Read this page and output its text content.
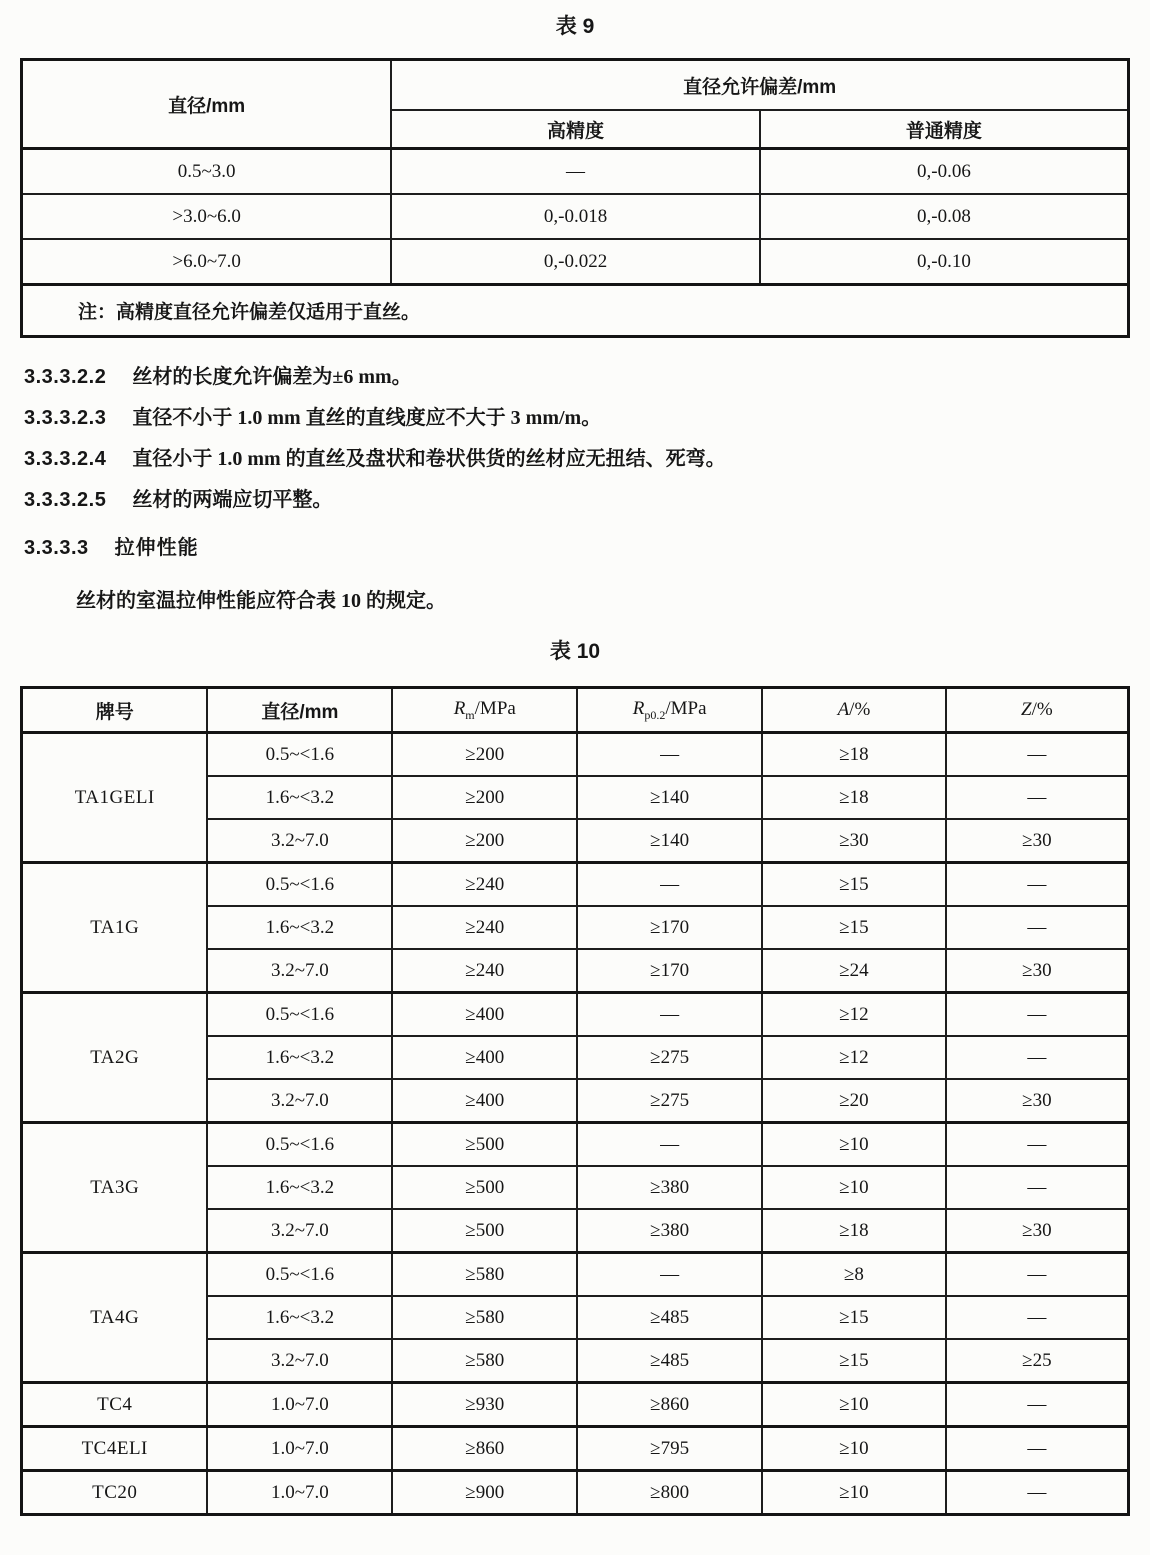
表 9
直径/mm	直径允许偏差/mm	
	高精度	普通精度
0.5~3.0	—	0,-0.06
>3.0~6.0	0,-0.018	0,-0.08
>6.0~7.0	0,-0.022	0,-0.10
注：高精度直径允许偏差仅适用于直丝。		

3.3.3.2.2 丝材的长度允许偏差为±6 mm。

3.3.3.2.3 直径不小于 1.0 mm 直丝的直线度应不大于 3 mm/m。

3.3.3.2.4 直径小于 1.0 mm 的直丝及盘状和卷状供货的丝材应无扭结、死弯。

3.3.3.2.5 丝材的两端应切平整。

3.3.3.3 拉伸性能

丝材的室温拉伸性能应符合表 10 的规定。

表 10
牌号	直径/mm	$R_m$/MPa	$R_{p0.2}$/MPa	A/%	Z/%
TA1GELI	0.5~<1.6	≥200	—	≥18	—
	1.6~<3.2	≥200	≥140	≥18	—
	3.2~7.0	≥200	≥140	≥30	≥30
TA1G	0.5~<1.6	≥240	—	≥15	—
	1.6~<3.2	≥240	≥170	≥15	—
	3.2~7.0	≥240	≥170	≥24	≥30
TA2G	0.5~<1.6	≥400	—	≥12	—
	1.6~<3.2	≥400	≥275	≥12	—
	3.2~7.0	≥400	≥275	≥20	≥30
TA3G	0.5~<1.6	≥500	—	≥10	—
	1.6~<3.2	≥500	≥380	≥10	—
	3.2~7.0	≥500	≥380	≥18	≥30
TA4G	0.5~<1.6	≥580	—	≥8	—
	1.6~<3.2	≥580	≥485	≥15	—
	3.2~7.0	≥580	≥485	≥15	≥25
TC4	1.0~7.0	≥930	≥860	≥10	—
TC4ELI	1.0~7.0	≥860	≥795	≥10	—
TC20	1.0~7.0	≥900	≥800	≥10	—
